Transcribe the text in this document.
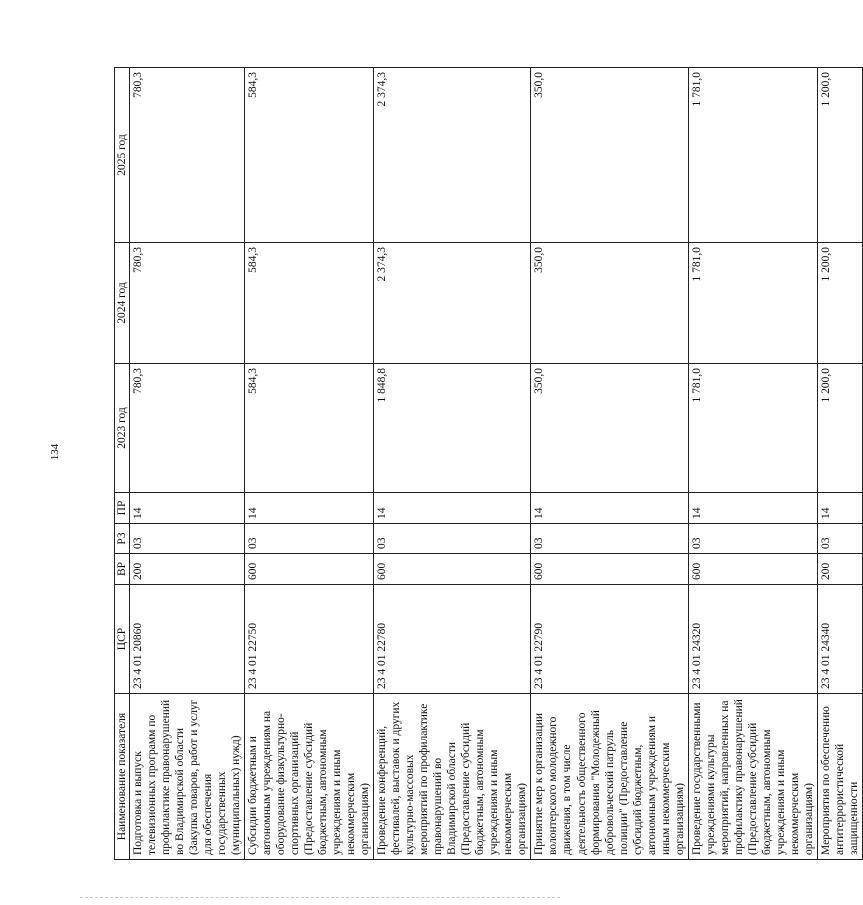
134
Наименование показателя	ЦСР	ВР	РЗ	ПР	2023 год	2024 год	2025 год
Подготовка и выпуск телевизионных программ по профилактике правонарушений во Владимирской области (Закупка товаров, работ и услуг для обеспечения государственных (муниципальных) нужд)	23 4 01 20860	200	03	14	780,3	780,3	780,3
Субсидии бюджетным и автономным учреждениям на оборудование физкультурно-спортивных организаций (Предоставление субсидий бюджетным, автономным учреждениям и иным некоммерческим организациям)	23 4 01 22750	600	03	14	584,3	584,3	584,3
Проведение конференций, фестивалей, выставок и других культурно-массовых мероприятий по профилактике правонарушений во Владимирской области (Предоставление субсидий бюджетным, автономным учреждениям и иным некоммерческим организациям)	23 4 01 22780	600	03	14	1 848,8	2 374,3	2 374,3
Принятие мер к организации волонтерского молодежного движения, в том числе деятельность общественного формирования "Молодежный добровольческий патруль полиции" (Предоставление субсидий бюджетным, автономным учреждениям и иным некоммерческим организациям)	23 4 01 22790	600	03	14	350,0	350,0	350,0
Проведение государственными учреждениями культуры мероприятий, направленных на профилактику правонарушений (Предоставление субсидий бюджетным, автономным учреждениям и иным некоммерческим организациям)	23 4 01 24320	600	03	14	1 781,0	1 781,0	1 781,0
Мероприятия по обеспечению антитеррористической защищенности	23 4 01 24340	200	03	14	1 200,0	1 200,0	1 200,0
